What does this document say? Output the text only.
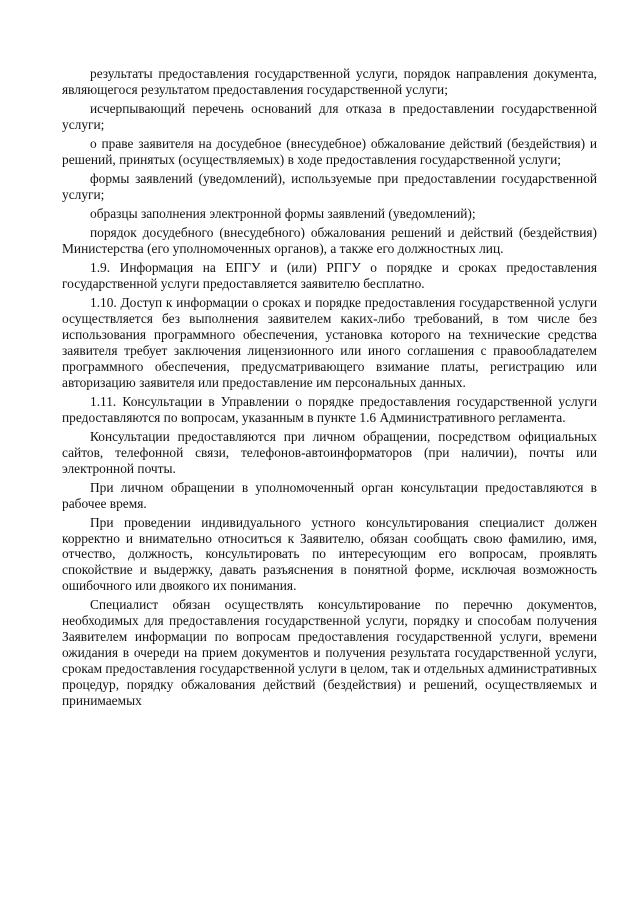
результаты предоставления государственной услуги, порядок направления документа, являющегося результатом предоставления государственной услуги;

исчерпывающий перечень оснований для отказа в предоставлении государственной услуги;

о праве заявителя на досудебное (внесудебное) обжалование действий (бездействия) и решений, принятых (осуществляемых) в ходе предоставления государственной услуги;

формы заявлений (уведомлений), используемые при предоставлении государственной услуги;

образцы заполнения электронной формы заявлений (уведомлений);

порядок досудебного (внесудебного) обжалования решений и действий (бездействия) Министерства (его уполномоченных органов), а также его должностных лиц.

1.9. Информация на ЕПГУ и (или) РПГУ о порядке и сроках предоставления государственной услуги предоставляется заявителю бесплатно.

1.10. Доступ к информации о сроках и порядке предоставления государственной услуги осуществляется без выполнения заявителем каких-либо требований, в том числе без использования программного обеспечения, установка которого на технические средства заявителя требует заключения лицензионного или иного соглашения с правообладателем программного обеспечения, предусматривающего взимание платы, регистрацию или авторизацию заявителя или предоставление им персональных данных.

1.11. Консультации в Управлении о порядке предоставления государственной услуги предоставляются по вопросам, указанным в пункте 1.6 Административного регламента.

Консультации предоставляются при личном обращении, посредством официальных сайтов, телефонной связи, телефонов-автоинформаторов (при наличии), почты или электронной почты.

При личном обращении в уполномоченный орган консультации предоставляются в рабочее время.

При проведении индивидуального устного консультирования специалист должен корректно и внимательно относиться к Заявителю, обязан сообщать свою фамилию, имя, отчество, должность, консультировать по интересующим его вопросам, проявлять спокойствие и выдержку, давать разъяснения в понятной форме, исключая возможность ошибочного или двоякого их понимания.

Специалист обязан осуществлять консультирование по перечню документов, необходимых для предоставления государственной услуги, порядку и способам получения Заявителем информации по вопросам предоставления государственной услуги, времени ожидания в очереди на прием документов и получения результата государственной услуги, срокам предоставления государственной услуги в целом, так и отдельных административных процедур, порядку обжалования действий (бездействия) и решений, осуществляемых и принимаемых
